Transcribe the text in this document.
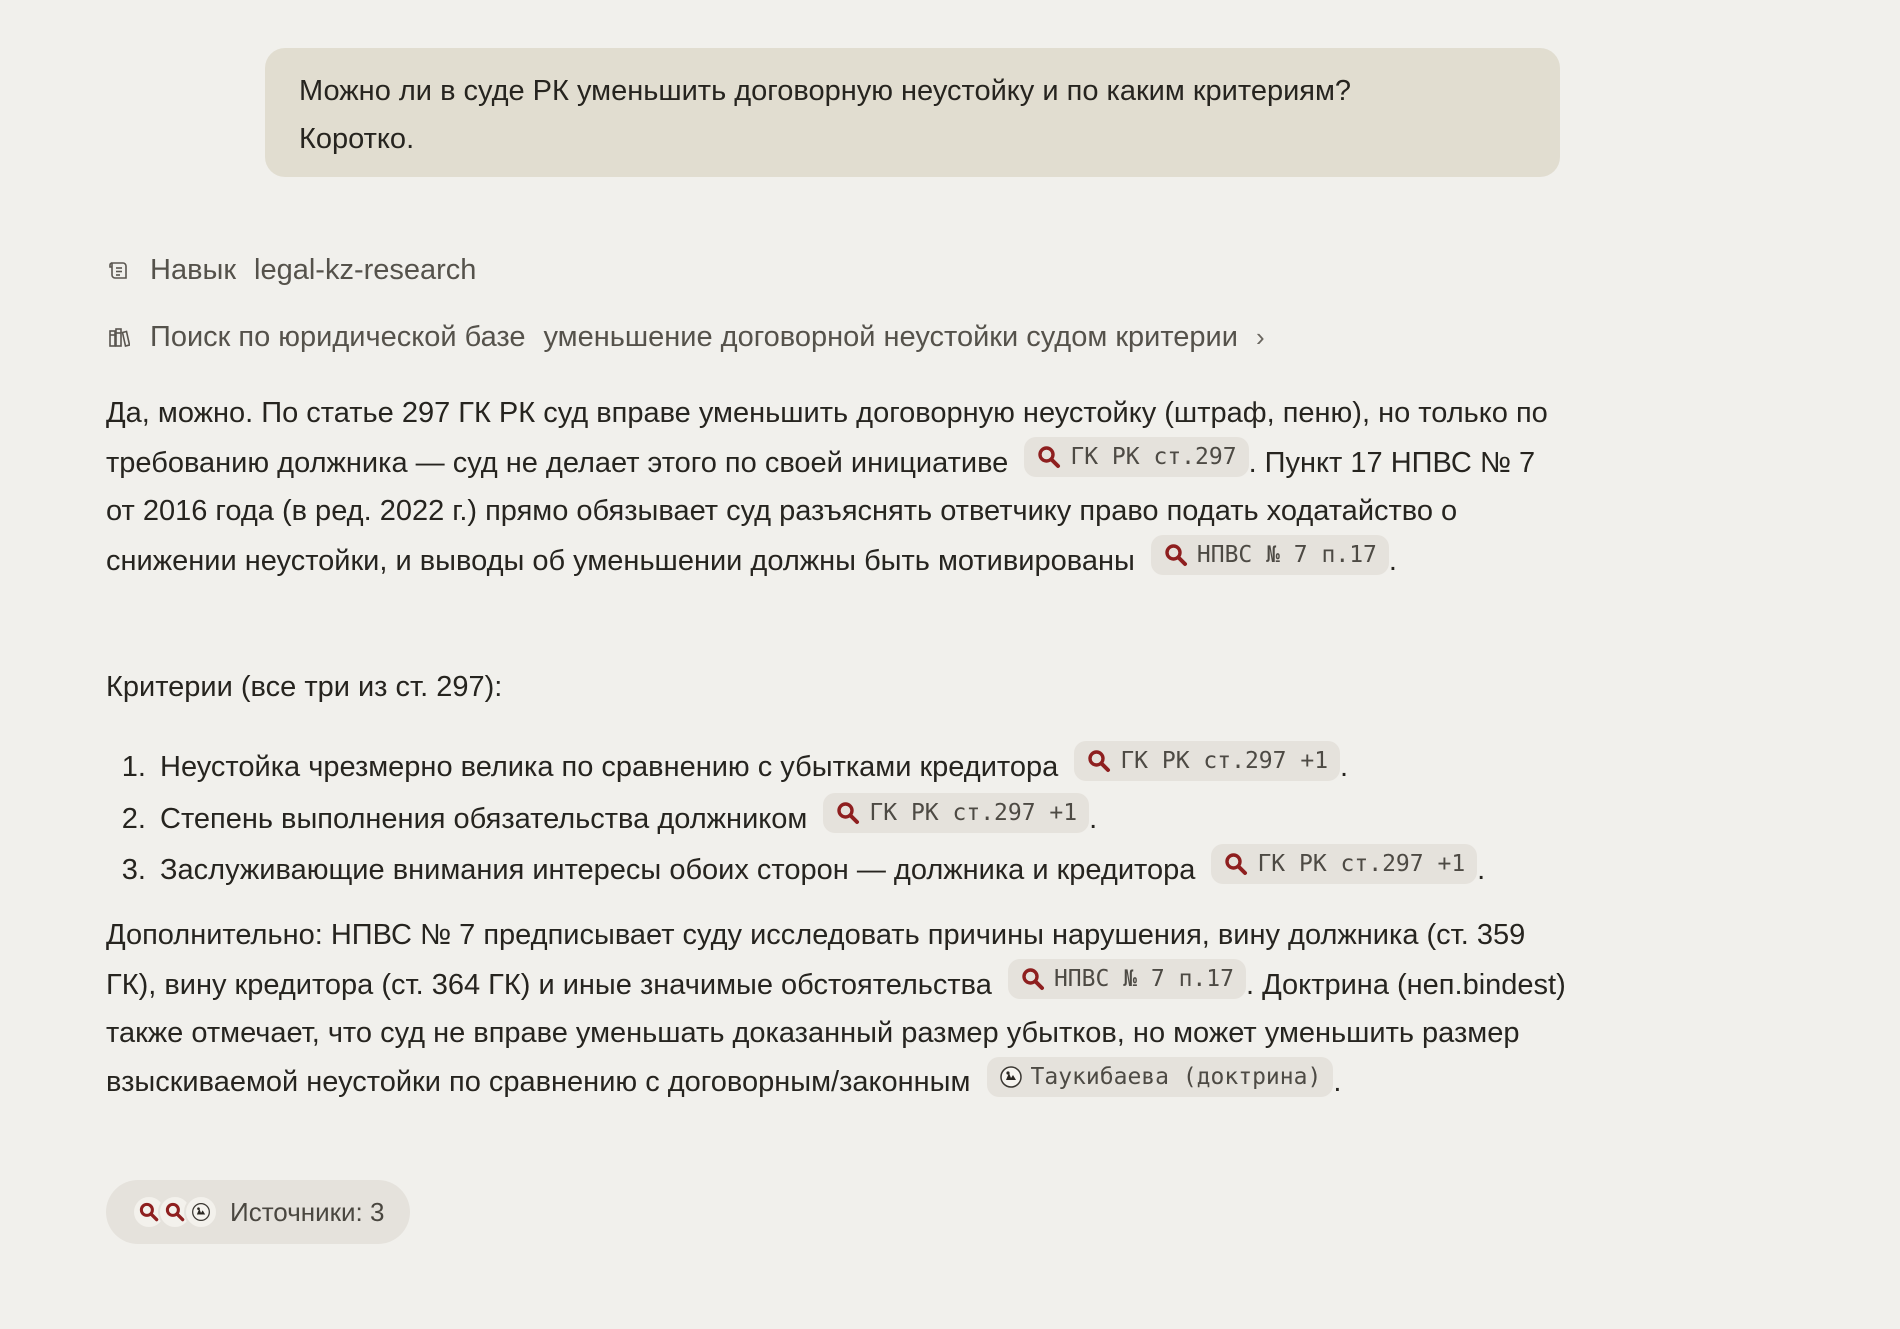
Можно ли в суде РК уменьшить договорную неустойку и по каким критериям?
Коротко.
Навык legal-kz-research
Поиск по юридической базе уменьшение договорной неустойки судом критерии ›
Да, можно. По статье 297 ГК РК суд вправе уменьшить договорную неустойку (штраф, пеню), но только по требованию должника — суд не делает этого по своей инициативе	ГК РК ст.297 . Пункт 17 НПВС № 7 от 2016 года (в ред. 2022 г.) прямо обязывает суд разъяснять ответчику право подать ходатайство о снижении неустойки, и выводы об уменьшении должны быть мотивированы	НПВС № 7 п.17 .
Критерии (все три из ст. 297):
1. Неустойка чрезмерно велика по сравнению с убытками кредитора	ГК РК ст.297 +1 .
2. Степень выполнения обязательства должником	ГК РК ст.297 +1 .
3. Заслуживающие внимания интересы обоих сторон — должника и кредитора	ГК РК ст.297 +1 .
Дополнительно: НПВС № 7 предписывает суду исследовать причины нарушения, вину должника (ст. 359 ГК), вину кредитора (ст. 364 ГК) и иные значимые обстоятельства	НПВС № 7 п.17 . Доктрина (неп.bindest) также отмечает, что суд не вправе уменьшать доказанный размер убытков, но может уменьшить размер взыскиваемой неустойки по сравнению с договорным/законным	Таукибаева (доктрина) .
Источники: 3
